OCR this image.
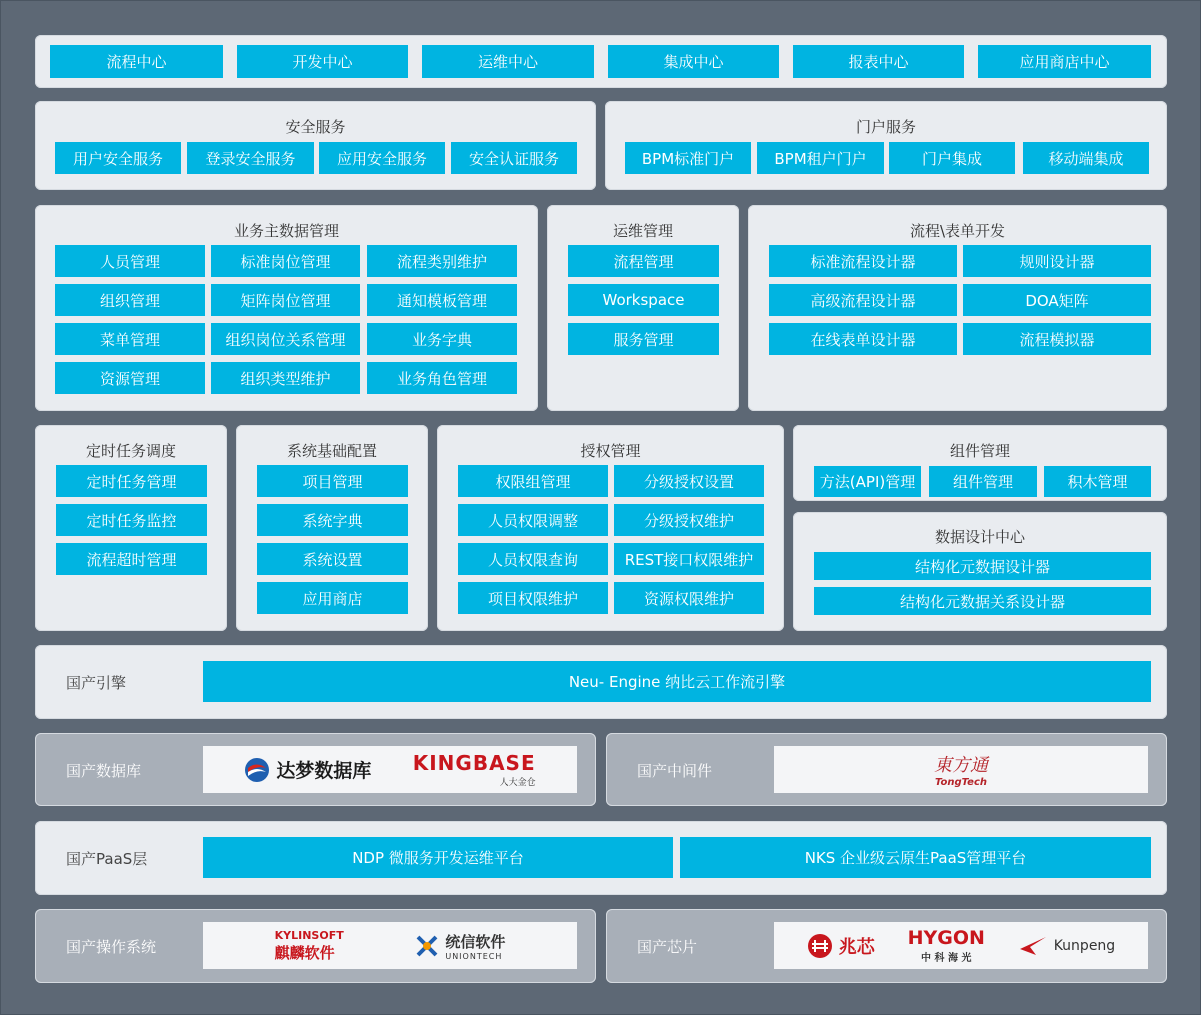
流程中心	开发中心	运维中心	集成中心	报表中心	应用商店中心
安全服务
用户安全服务	登录安全服务	应用安全服务	安全认证服务
门户服务
BPM标准门户	BPM租户门户	门户集成	移动端集成
业务主数据管理
人员管理	标准岗位管理	流程类别维护
组织管理	矩阵岗位管理	通知模板管理
菜单管理	组织岗位关系管理	业务字典
资源管理	组织类型维护	业务角色管理
运维管理
流程管理
Workspace
服务管理
流程\表单开发
标准流程设计器	规则设计器
高级流程设计器	DOA矩阵
在线表单设计器	流程模拟器
定时任务调度
定时任务管理
定时任务监控
流程超时管理
系统基础配置
项目管理
系统字典
系统设置
应用商店
授权管理
权限组管理	分级授权设置
人员权限调整	分级授权维护
人员权限查询	REST接口权限维护
项目权限维护	资源权限维护
组件管理
方法(API)管理	组件管理	积木管理
数据设计中心
结构化元数据设计器
结构化元数据关系设计器
国产引擎	Neu- Engine 纳比云工作流引擎
国产数据库	达梦数据库 KINGBASE
人大金仓
国产中间件	東方通
TongTech
国产PaaS层	NDP 微服务开发运维平台	NKS 企业级云原生PaaS管理平台
国产操作系统
KYLINSOFT
麒麟软件
统信软件
UNIONTECH	国产芯片	兆芯 HYGON
中 科 海 光
Kunpeng
